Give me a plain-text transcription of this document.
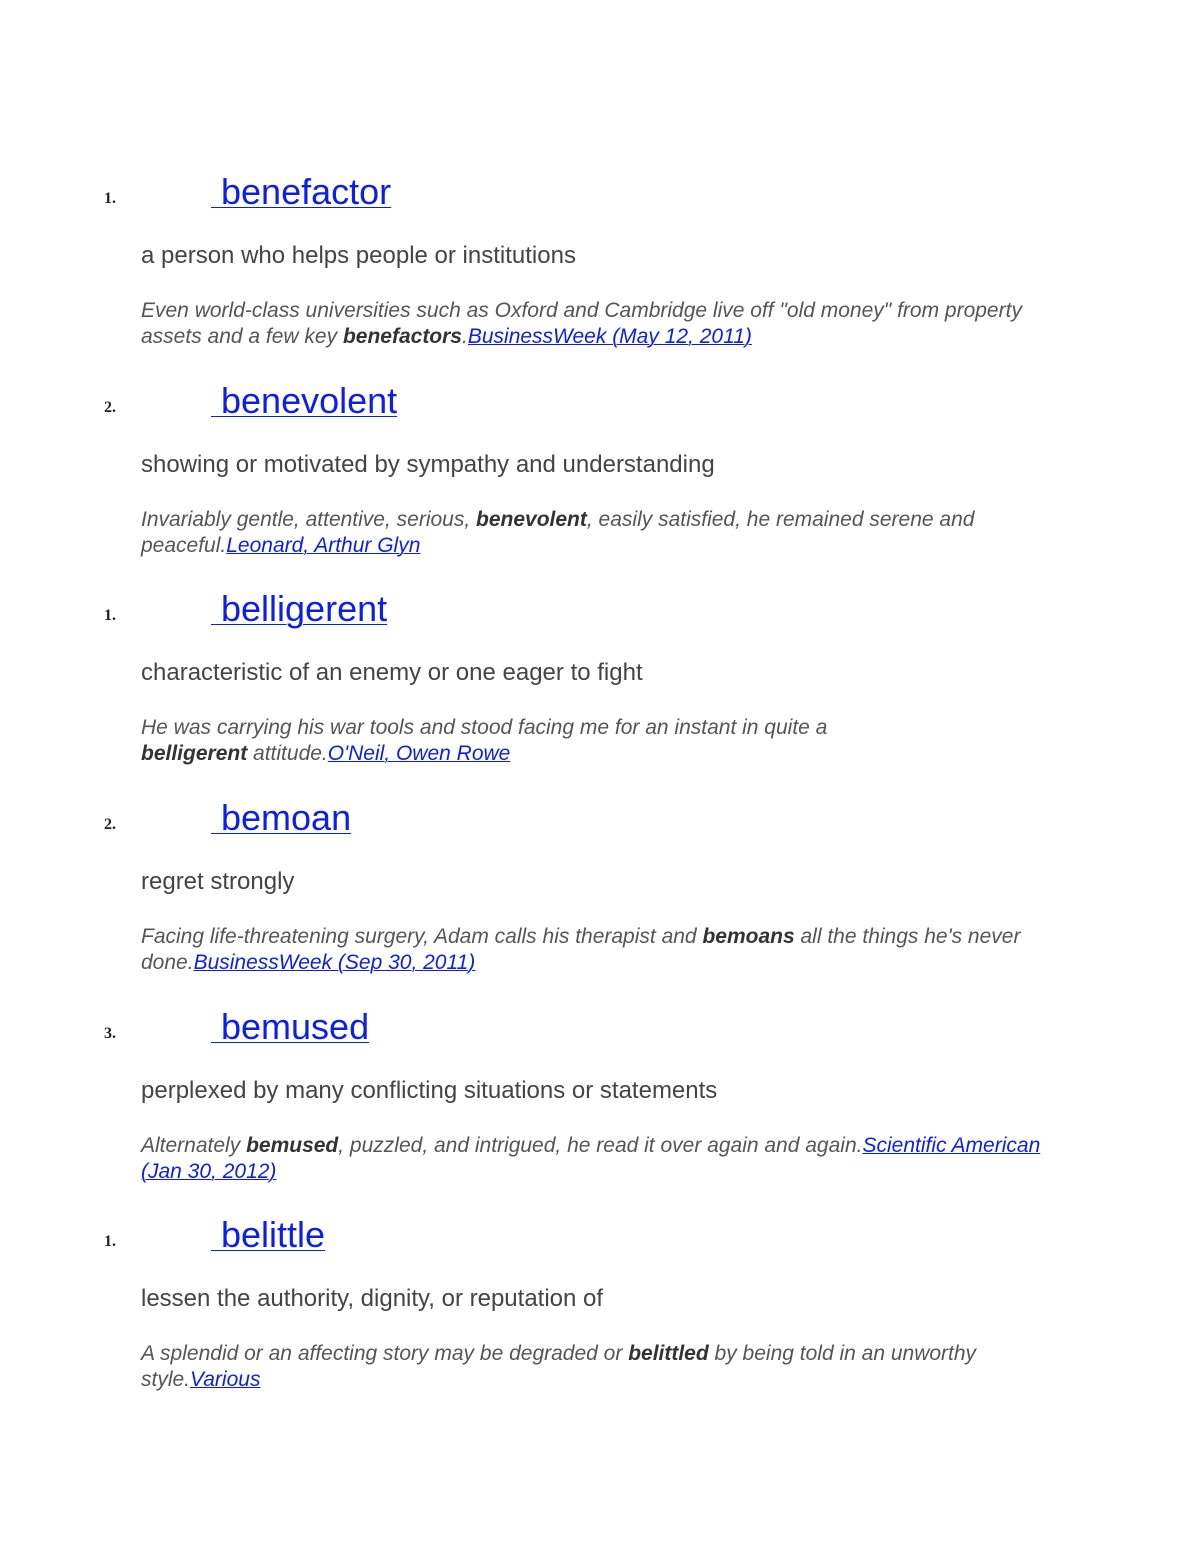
1.	benefactor
a person who helps people or institutions
Even world-class universities such as Oxford and Cambridge live off "old money" from property assets and a few key benefactors.BusinessWeek (May 12, 2011)
2.	benevolent
showing or motivated by sympathy and understanding
Invariably gentle, attentive, serious, benevolent, easily satisfied, he remained serene and peaceful.Leonard, Arthur Glyn
1.	belligerent
characteristic of an enemy or one eager to fight
He was carrying his war tools and stood facing me for an instant in quite a belligerent attitude.O'Neil, Owen Rowe
2.	bemoan
regret strongly
Facing life-threatening surgery, Adam calls his therapist and bemoans all the things he's never done.BusinessWeek (Sep 30, 2011)
3.	bemused
perplexed by many conflicting situations or statements
Alternately bemused, puzzled, and intrigued, he read it over again and again.Scientific American (Jan 30, 2012)
1.	belittle
lessen the authority, dignity, or reputation of
A splendid or an affecting story may be degraded or belittled by being told in an unworthy style.Various
